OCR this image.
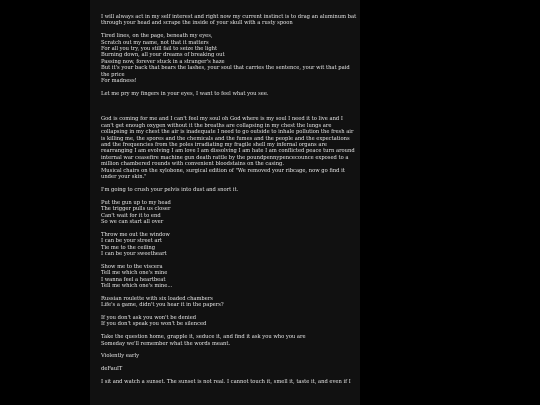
I will always act in my self interest and right now my current instinct is to drag an aluminum bat through your head and scrape the inside of your skull with a rusty spoon
Tired lines, on the page, beneath my eyes,
Scratch out my name, not that it matters
For all you try, you still fail to seize the light
Burning down, all your dreams of breaking out
Passing now, forever stuck in a stranger's haze
But it's your back that bears the lashes, your soul that carries the sentence, your wit that paid the price
For madness!
Let me pry my fingers in your eyes, I want to feel what you see.
God is coming for me and I can't feel my soul oh God where is my soul I need it to live and I can't get enough oxygen without it the breaths are collapsing in my chest the lungs are collapsing in my chest the air is inadequate I need to go outside to inhale pollution the fresh air is killing me, the spores and the chemicals and the fumes and the people and the expectations and the frequencies from the poles irradiating my fragile shell my infernal organs are rearranging I am evolving I am love I am dissolving I am hate I am conflicted peace turn around internal war ceasefire machine gun death rattle by the poundpennypencecounce exposed to a million chambered rounds with convenient bloodstains on the casing.
Musical chairs on the xylobone, surgical edition of "We removed your ribcage, now go find it under your skin."
I'm going to crush your pelvis into dust and snort it.
Put the gun up to my head
The trigger pulls us closer
Can't wait for it to end
So we can start all over
Throw me out the window
I can be your street art
Tie me to the ceiling
I can be your sweetheart
Show me to the viscera
Tell me which one's mine
I wanna feel a heartbeat
Tell me which one's mine...
Russian roulette with six loaded chambers
Life's a game, didn't you hear it in the papers?
If you don't ask you won't be denied
If you don't speak you won't be silenced
Take the question home, grapple it, seduce it, and find it ask you who you are
Someday we'll remember what the words meant.
Violently early
deFaulT
I sit and watch a sunset. The sunset is not real. I cannot touch it, smell it, taste it, and even if I
